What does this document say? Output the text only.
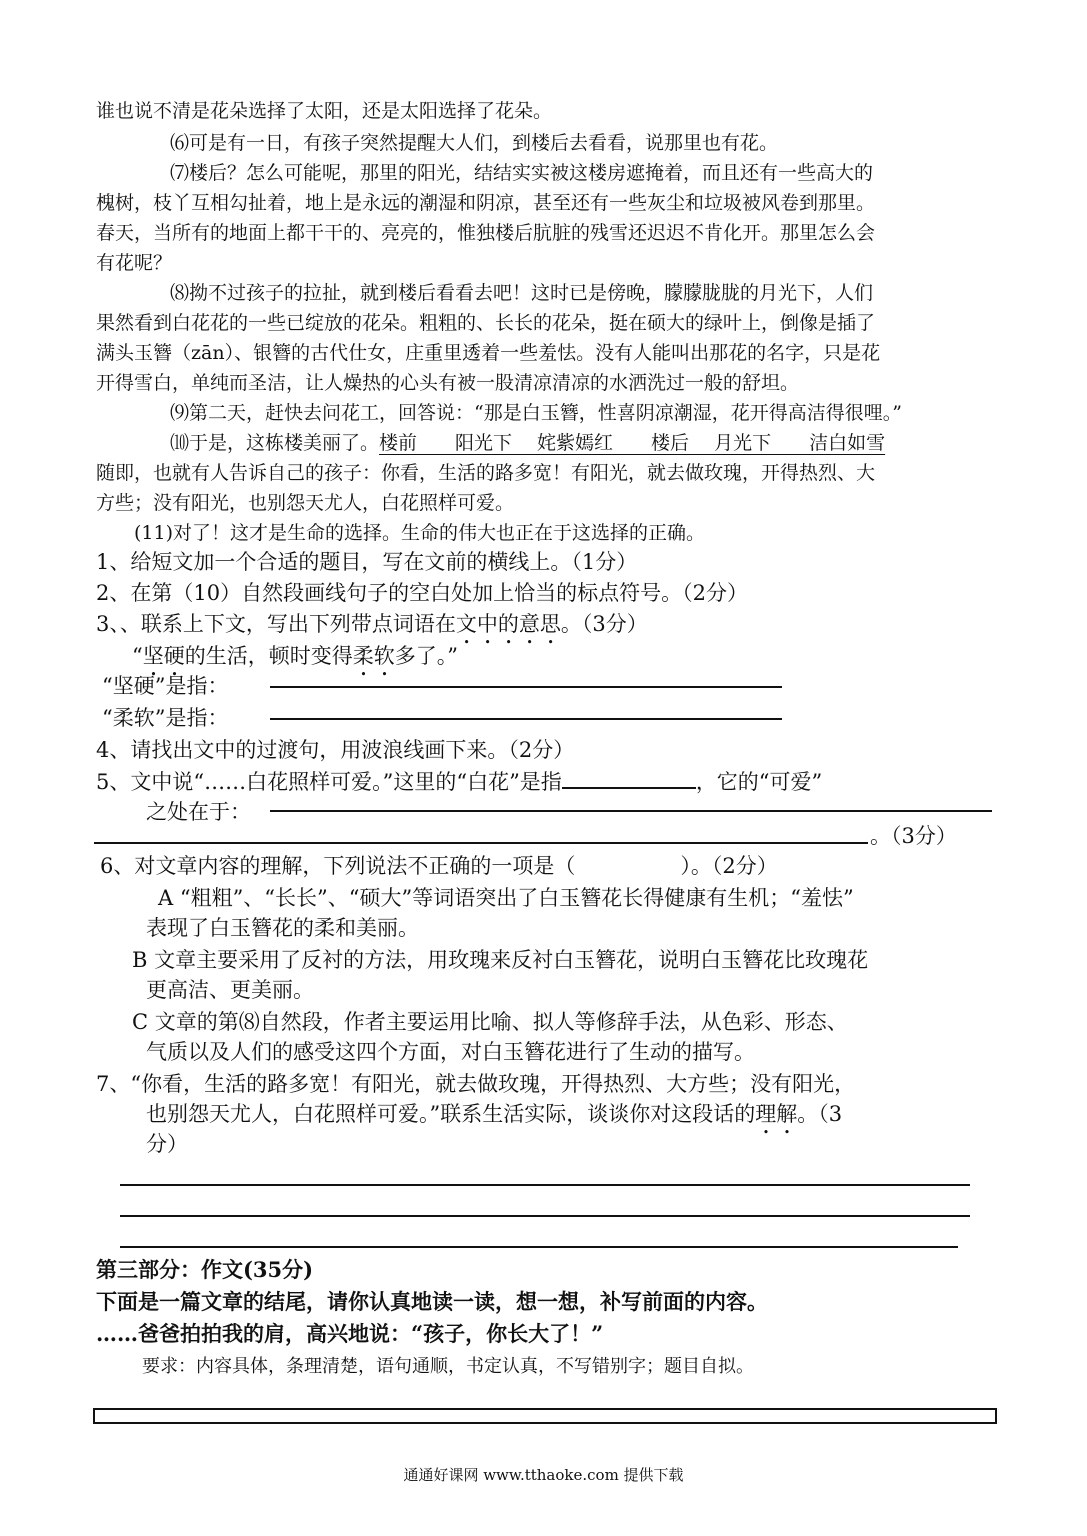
谁也说不清是花朵选择了太阳，还是太阳选择了花朵。
⑹可是有一日，有孩子突然提醒大人们，到楼后去看看，说那里也有花。
⑺楼后？怎么可能呢，那里的阳光，结结实实被这楼房遮掩着，而且还有一些高大的
槐树，枝丫互相勾扯着，地上是永远的潮湿和阴凉，甚至还有一些灰尘和垃圾被风卷到那里。
春天，当所有的地面上都干干的、亮亮的，惟独楼后肮脏的残雪还迟迟不肯化开。那里怎么会
有花呢？
⑻拗不过孩子的拉扯，就到楼后看看去吧！这时已是傍晚，朦朦胧胧的月光下，人们
果然看到白花花的一些已绽放的花朵。粗粗的、长长的花朵，挺在硕大的绿叶上，倒像是插了
满头玉簪（zān）、银簪的古代仕女，庄重里透着一些羞怯。没有人能叫出那花的名字，只是花
开得雪白，单纯而圣洁，让人燥热的心头有被一股清凉清凉的水洒洗过一般的舒坦。
⑼第二天，赶快去问花工，回答说：“那是白玉簪，性喜阴凉潮湿，花开得高洁得很哩。”
⑽于是，这栋楼美丽了。楼前　　阳光下　 姹紫嫣红　　楼后　 月光下　　洁白如雪
随即，也就有人告诉自己的孩子：你看，生活的路多宽！有阳光，就去做玫瑰，开得热烈、大
方些；没有阳光，也别怨天尤人，白花照样可爱。
(11)对了！这才是生命的选择。生命的伟大也正在于这选择的正确。
1、给短文加一个合适的题目，写在文前的横线上。（1分）
2、在第（10）自然段画线句子的空白处加上恰当的标点符号。（2分）
3、、联系上下文，写出下列带点词语在文中的意思。（3分）
“坚硬的生活，顿时变得柔软多了。”
“坚硬”是指：
“柔软”是指：
4、请找出文中的过渡句，用波浪线画下来。（2分）
5、文中说“……白花照样可爱。”这里的“白花”是指	，它的“可爱”
之处在于：
。（3分）
6、对文章内容的理解，下列说法不正确的一项是（　　　　　）。（2分）
A “粗粗”、“长长”、“硕大”等词语突出了白玉簪花长得健康有生机；“羞怯”
表现了白玉簪花的柔和美丽。
B 文章主要采用了反衬的方法，用玫瑰来反衬白玉簪花，说明白玉簪花比玫瑰花
更高洁、更美丽。
C 文章的第⑻自然段，作者主要运用比喻、拟人等修辞手法，从色彩、形态、
气质以及人们的感受这四个方面，对白玉簪花进行了生动的描写。
7、“你看，生活的路多宽！有阳光，就去做玫瑰，开得热烈、大方些；没有阳光，
也别怨天尤人，白花照样可爱。”联系生活实际，谈谈你对这段话的理解。（3
分）
第三部分：作文(35分)
下面是一篇文章的结尾，请你认真地读一读，想一想，补写前面的内容。
……爸爸拍拍我的肩，高兴地说：“孩子，你长大了！”
要求：内容具体，条理清楚，语句通顺，书定认真，不写错别字；题目自拟。
通通好课网 www.tthaoke.com 提供下载
